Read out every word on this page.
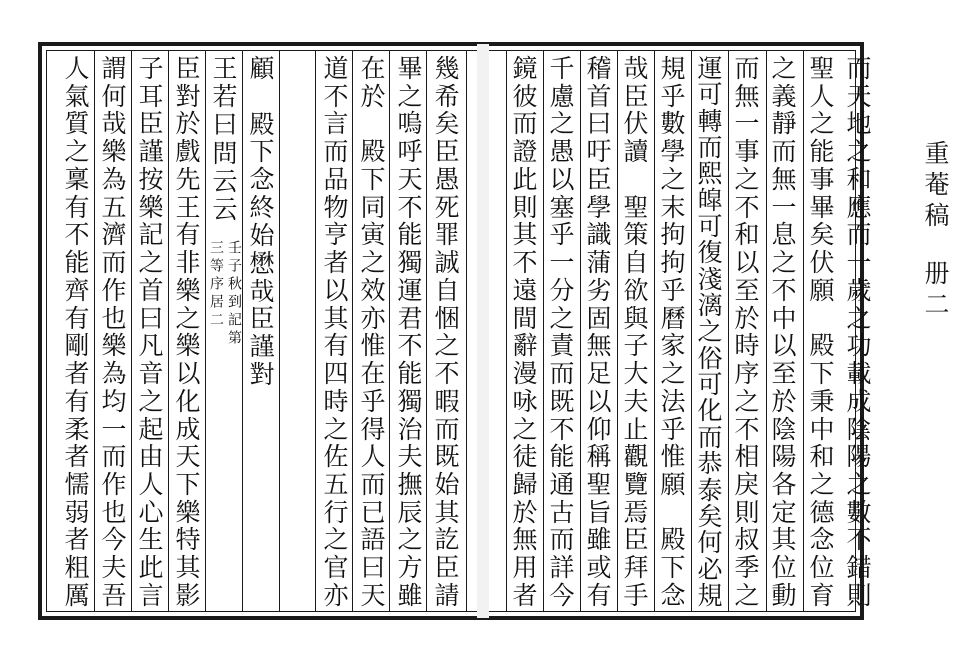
重菴稿
册二
而
天
地
之
和
應
而
一
歲
之
功
載
成
陰
陽
之
數
不
錯
則
聖
人
之
能
事
畢
矣
伏
願
殿
下
秉
中
和
之
德
念
位
育
之
義
靜
而
無
一
息
之
不
中
以
至
於
陰
陽
各
定
其
位
動
而
無
一
事
之
不
和
以
至
於
時
序
之
不
相
戾
則
叔
季
之
運
可
轉
而
熙
皡
可
復
淺
漓
之
俗
可
化
而
恭
泰
矣
何
必
規
規
乎
數
學
之
末
拘
拘
乎
曆
家
之
法
乎
惟
願
殿
下
念
哉
臣
伏
讀
聖
策
自
欲
與
子
大
夫
止
觀
覽
焉
臣
拜
手
稽
首
曰
吁
臣
學
識
蒲
劣
固
無
足
以
仰
稱
聖
旨
雖
或
有
千
慮
之
愚
以
塞
乎
一
分
之
責
而
既
不
能
通
古
而
詳
今
鏡
彼
而
證
此
則
其
不
遠
間
辭
漫
咏
之
徒
歸
於
無
用
者
幾
希
矣
臣
愚
死
罪
誠
自
悃
之
不
暇
而
既
始
其
訖
臣
請
畢
之
嗚
呼
天
不
能
獨
運
君
不
能
獨
治
夫
撫
辰
之
方
雖
在
於
殿
下
同
寅
之
效
亦
惟
在
乎
得
人
而
已
語
曰
天
道
不
言
而
品
物
亨
者
以
其
有
四
時
之
佐
五
行
之
官
亦
顧
殿
下
念
終
始
懋
哉
臣
謹
對
王
若
曰
問
云
云
臣
對
於
戲
先
王
有
非
樂
之
樂
以
化
成
天
下
樂
特
其
影
子
耳
臣
謹
按
樂
記
之
首
曰
凡
音
之
起
由
人
心
生
此
言
謂
何
哉
樂
為
五
濟
而
作
也
樂
為
均
一
而
作
也
今
夫
吾
人
氣
質
之
稟
有
不
能
齊
有
剛
者
有
柔
者
懦
弱
者
粗
厲
壬子秋到記第
三等序居二
